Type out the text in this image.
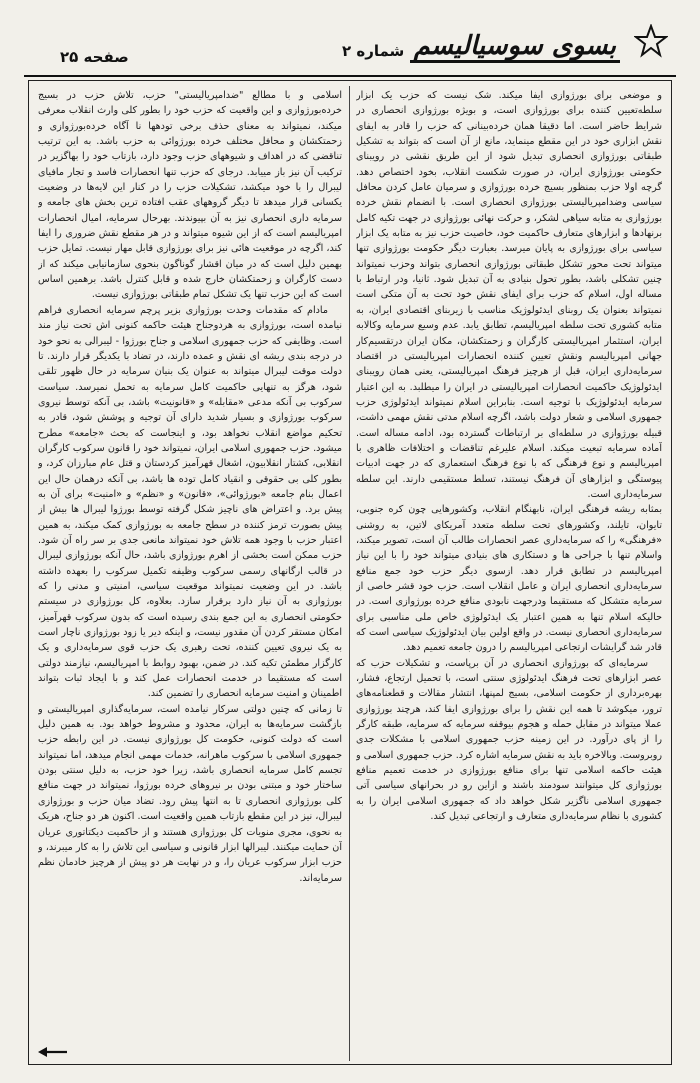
بسوی سوسیالیسم
شماره ۲
صفحه ۲۵

و موضعی برای بورژوازی ایفا میکند. شک نیست که حزب یک ابزار سلطه‌تعیین کننده برای بورژوازی است، و بویژه بورژوازی انحصاری در شرایط حاضر است. اما دقیقا همان خرده‌بینانی که حزب را قادر به ایفای نقش ابزاری خود در این مقطع مینماید، مانع از آن است که بتواند به تشکیل طبقاتی بورژوازی انحصاری تبدیل شود از این طریق نقشی در رویبنای حکومتی بورژوازی ایران، در صورت شکست انقلاب، بخود اختصاص دهد. گرچه اولا حزب بمنظور بسیج خرده بورژوازی و سرمیان عامل کردن محافل سیاسی وضدامپریالیستی بورژوازی انحصاری است. با انضمام نقش خرده بورژوازی به متابه سیاهی لشکر، و حرکت نهائی بورژوازی در جهت تکیه کامل برنهادها و ابزارهای متعارف حاکمیت خود، خاصیت حزب نیز به متابه یک ابزار سیاسی برای بورژوازی به پایان میرسد. بعبارت دیگر حکومت بورژوازی تنها میتواند تحت محور تشکل طبقاتی بورژوازی انحصاری بتواند وحزب نمیتواند چنین تشکلی باشد، بطور تحول بنیادی به آن تبدیل شود. ثانیا، ودر ارتباط با مساله اول، اسلام که حزب برای ایفای نقش خود تحت به آن متکی است نمیتواند بعنوان یک روبنای ایدئولوژیک مناسب با زیربنای اقتصادی ایران، به متابه کشوری تحت سلطه امپریالیسم، تطابق یابد. عدم وسیع سرمایه وکالابه ایران، استثمار امپریالیستی کارگران و زحمتکشان، مکان ایران درتقسیم‌کار جهانی امپریالیسم ونقش تعیین کننده انحصارات امپریالیستی در اقتصاد سرمایه‌داری ایران، قبل از هرچیز فرهنگ امپریالیستی، یعنی همان رویبنای ایدئولوژیک حاکمیت انحصارات امپریالیستی در ایران را میطلبد. به این اعتبار سرمایه ایدئولوژیک با توجیه است. بنابراین اسلام نمیتواند ایدئولوژی حزب جمهوری اسلامی و شعار دولت باشد، اگرچه اسلام مدتی نقش مهمی داشت، قبیله بورژوازی در سلطه‌ای بر ارتباطات گسترده بود، ادامه مساله است. آماده سرمایه تبعیت میکند. اسلام علیرغم تناقضات و اختلافات ظاهری با امپریالیسم و نوع فرهنگی که با نوع فرهنگ استعماری که در جهت ادبیات پیوستگی و ابزارهای آن فرهنگ نیستند، تسلط مستقیمی دارند. این سلطه سرمایه‌داری است.

بمثابه ریشه فرهنگی ایران، نابهنگام انقلاب، وکشورهایی چون کره جنوبی، تایوان، تایلند، وکشورهای تحت سلطه متعدد آمریکای لاتین، به روشنی «فرهنگی» را که سرمایه‌داری عصر انحصارات طالب آن است، تصویر میکند، واسلام تنها با جراحی ها و دستکاری های بنیادی میتواند خود را با این نیاز امپریالیسم در تطابق قرار دهد. ازسوی دیگر حزب خود جمع منافع سرمایه‌داری انحصاری ایران و عامل انقلاب است. حزب خود قشر خاصی از سرمایه متشکل که مستقیما ودرجهت نابودی منافع خرده بورژوازی است. در حالیکه اسلام تنها به همین اعتبار یک ایدئولوژی خاص ملی مناسبی برای سرمایه‌داری انحصاری نیست. در واقع اولین بیان ایدئولوژیک سیاسی است که قادر شد گرایشات ارتجاعی امپریالیسم را درون جامعه تعمیم دهد.

سرمایه‌ای که بورژوازی انحصاری در آن برپاست، و تشکیلات حزب که عصر ابزارهای تحت فرهنگ ایدئولوژی سنتی است، با تحمیل ارتجاع، فشار، بهره‌برداری از حکومت اسلامی، بسیج لمپنها، انتشار مقالات و قطعنامه‌های ترور، میکوشد تا همه این نقش را برای بورژوازی ایفا کند، هرچند بورژوازی عملا میتواند در مقابل حمله و هجوم بیوقفه سرمایه که سرمایه، طبقه کارگر را از پای درآورد. در این زمینه حزب جمهوری اسلامی با مشکلات جدی روبروست. وبالاخره باید به نقش سرمایه اشاره کرد. حزب جمهوری اسلامی و هیئت حاکمه اسلامی تنها برای منافع بورژوازی در خدمت تعمیم منافع بورژوازی کل میتوانند سودمند باشند و ازاین رو در بحرانهای سیاسی آتی جمهوری اسلامی ناگزیر شکل خواهد داد که جمهوری اسلامی ایران را به کشوری با نظام سرمایه‌داری متعارف و ارتجاعی تبدیل کند.

اسلامی و با مطالع "ضدامپریالیستی" حزب، تلاش حزب در بسیج خرده‌بورژوازی و این واقعیت که حزب خود را بطور کلی وارث انقلاب معرفی میکند، نمیتواند به معنای حذف برخی تودهها نا آگاه خرده‌بورژوازی و زحمتکشان و محافل مختلف خرده بورژوائی به حزب باشد. به این ترتیب تناقضی که در اهداف و شیوههای حزب وجود دارد، بازتاب خود را بهاگزیر در ترکیب آن نیز باز مییابد. درجای که حزب تنها انحصارات فاسد و تجار مافیای لیبرال را با خود میکشد، تشکیلات حزب را در کنار این لایه‌ها در وضعیت یکسانی قرار میدهد تا دیگر گروههای عقب افتاده ترین بخش های جامعه و سرمایه داری انحصاری نیز به آن بپیوندند. بهرحال سرمایه، امیال انحصارات امپریالیسم است که از این شیوه میتواند و در هر مقطع نقش ضروری را ایفا کند، اگرچه در موقعیت هائی نیز برای بورژوازی قابل مهار نیست. تمایل حزب بهمین دلیل است که در میان اقشار گوناگون بنحوی سازمانیابی میکند که از دست کارگران و زحمتکشان خارج شده و قابل کنترل باشد. برهمین اساس است که این حزب تنها یک تشکل تمام طبقاتی بورژوازی نیست.

مادام که مقدمات وحدت بورژوازی بزیر پرچم سرمایه انحصاری فراهم نیامده است، بورژوازی به هردوجناح هیئت حاکمه کنونی اش تحت نیاز مند است. وظایفی که حزب جمهوری اسلامی و جناح بورژوا - لیبرالی به نحو خود در درجه بندی ریشه ای نقش و عمده دارند، در تضاد با یکدیگر قرار دارند. تا دولت موقت لیبرال میتواند به عنوان یک بنیان سرمایه در حال ظهور تلقی شود، هرگز به تنهایی حاکمیت کامل سرمایه به تحمل نمیرسد. سیاست سرکوب بی آنکه مدعی «مقابله» و «قانونیت» باشد، بی آنکه توسط نیروی سرکوب بورژوازی و بسیار شدید دارای آن توجیه و پوشش شود، قادر به تحکیم مواضع انقلاب نخواهد بود، و اینجاست که بحث «جامعه» مطرح میشود. حزب جمهوری اسلامی ایران، نمیتواند خود را قانون سرکوب کارگران انقلابی، کشتار انقلابیون، اشغال قهرآمیز کردستان و قتل عام مبارزان کرد، و بطور کلی بی حقوقی و انقیاد کامل توده ها باشد، بی آنکه درهمان حال این اعمال بنام جامعه «بورژوائی»، «قانون» و «نظم» و «امنیت» برای آن به پیش برد. و اعتراض های ناچیز شکل گرفته توسط بورژوا لیبرال ها بیش از پیش بصورت ترمز کننده در سطح جامعه به بورژوازی کمک میکند، به همین اعتبار حزب با وجود همه تلاش خود نمیتواند مانعی جدی بر سر راه آن شود. حزب ممکن است بخشی از اهرم بورژوازی باشد، حال آنکه بورژوازی لیبرال در قالب ارگانهای رسمی سرکوب وظیفه تکمیل سرکوب را بعهده داشته باشد. در این وضعیت نمیتواند موقعیت سیاسی، امنیتی و مدنی را که بورژوازی به آن نیاز دارد برقرار سازد. بعلاوه، کل بورژوازی در سیستم حکومتی انحصاری به این جمع بندی رسیده است که بدون سرکوب قهرآمیز، امکان مستقر کردن آن مقدور نیست، و اینکه دیر یا زود بورژوازی ناچار است به یک نیروی تعیین کننده، تحت رهبری یک حزب قوی سرمایه‌داری و یک کارگزار مطمئن تکیه کند. در ضمن، بهبود روابط با امپریالیسم، نیازمند دولتی است که مستقیما در خدمت انحصارات عمل کند و با ایجاد ثبات بتواند اطمینان و امنیت سرمایه انحصاری را تضمین کند.

تا زمانی که چنین دولتی سرکار نیامده است، سرمایه‌گذاری امپریالیستی و بازگشت سرمایه‌ها به ایران، محدود و مشروط خواهد بود. به همین دلیل است که دولت کنونی، حکومت کل بورژوازی نیست. در این رابطه حزب جمهوری اسلامی با سرکوب ماهرانه، خدمات مهمی انجام میدهد، اما نمیتواند تجسم کامل سرمایه انحصاری باشد، زیرا خود حزب، به دلیل سنتی بودن ساختار خود و مبتنی بودن بر نیروهای خرده بورژوا، نمیتواند در جهت منافع کلی بورژوازی انحصاری تا به انتها پیش رود. تضاد میان حزب و بورژوازی لیبرال، نیز در این مقطع بازتاب همین واقعیت است. اکنون هر دو جناح، هریک به نحوی، مجری منویات کل بورژوازی هستند و از حاکمیت دیکتاتوری عریان آن حمایت میکنند. لیبرالها ابزار قانونی و سیاسی این تلاش را به کار میبرند، و حزب ابزار سرکوب عریان را، و در نهایت هر دو پیش از هرچیز خادمان نظم سرمایه‌اند.
